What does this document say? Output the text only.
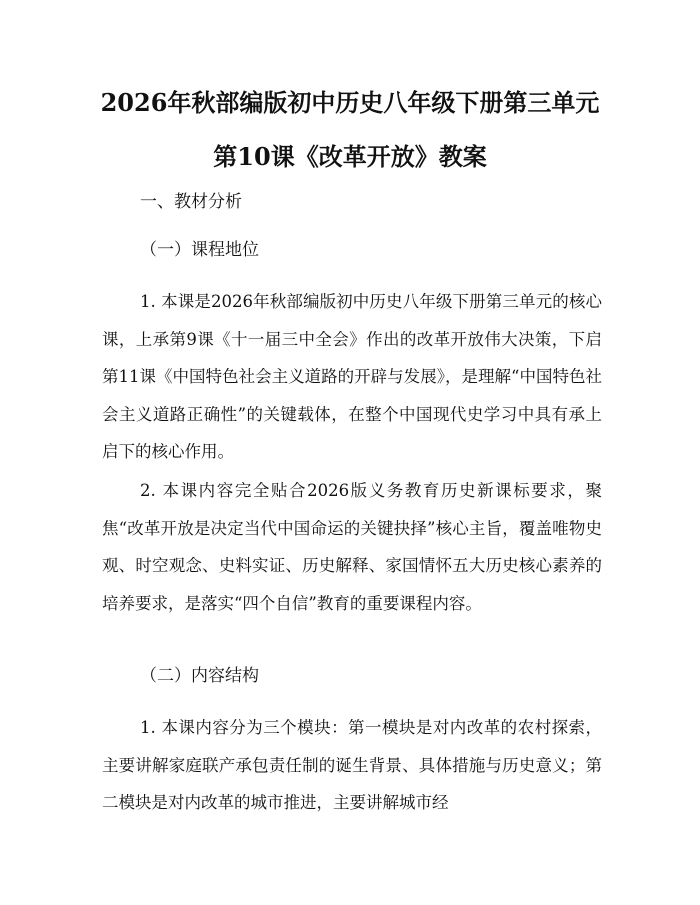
2026年秋部编版初中历史八年级下册第三单元第10课《改革开放》教案

一、教材分析

（一）课程地位

1. 本课是2026年秋部编版初中历史八年级下册第三单元的核心课，上承第9课《十一届三中全会》作出的改革开放伟大决策，下启第11课《中国特色社会主义道路的开辟与发展》，是理解“中国特色社会主义道路正确性”的关键载体，在整个中国现代史学习中具有承上启下的核心作用。

2. 本课内容完全贴合2026版义务教育历史新课标要求，聚焦“改革开放是决定当代中国命运的关键抉择”核心主旨，覆盖唯物史观、时空观念、史料实证、历史解释、家国情怀五大历史核心素养的培养要求，是落实“四个自信”教育的重要课程内容。

（二）内容结构

1. 本课内容分为三个模块：第一模块是对内改革的农村探索，主要讲解家庭联产承包责任制的诞生背景、具体措施与历史意义；第二模块是对内改革的城市推进，主要讲解城市经
